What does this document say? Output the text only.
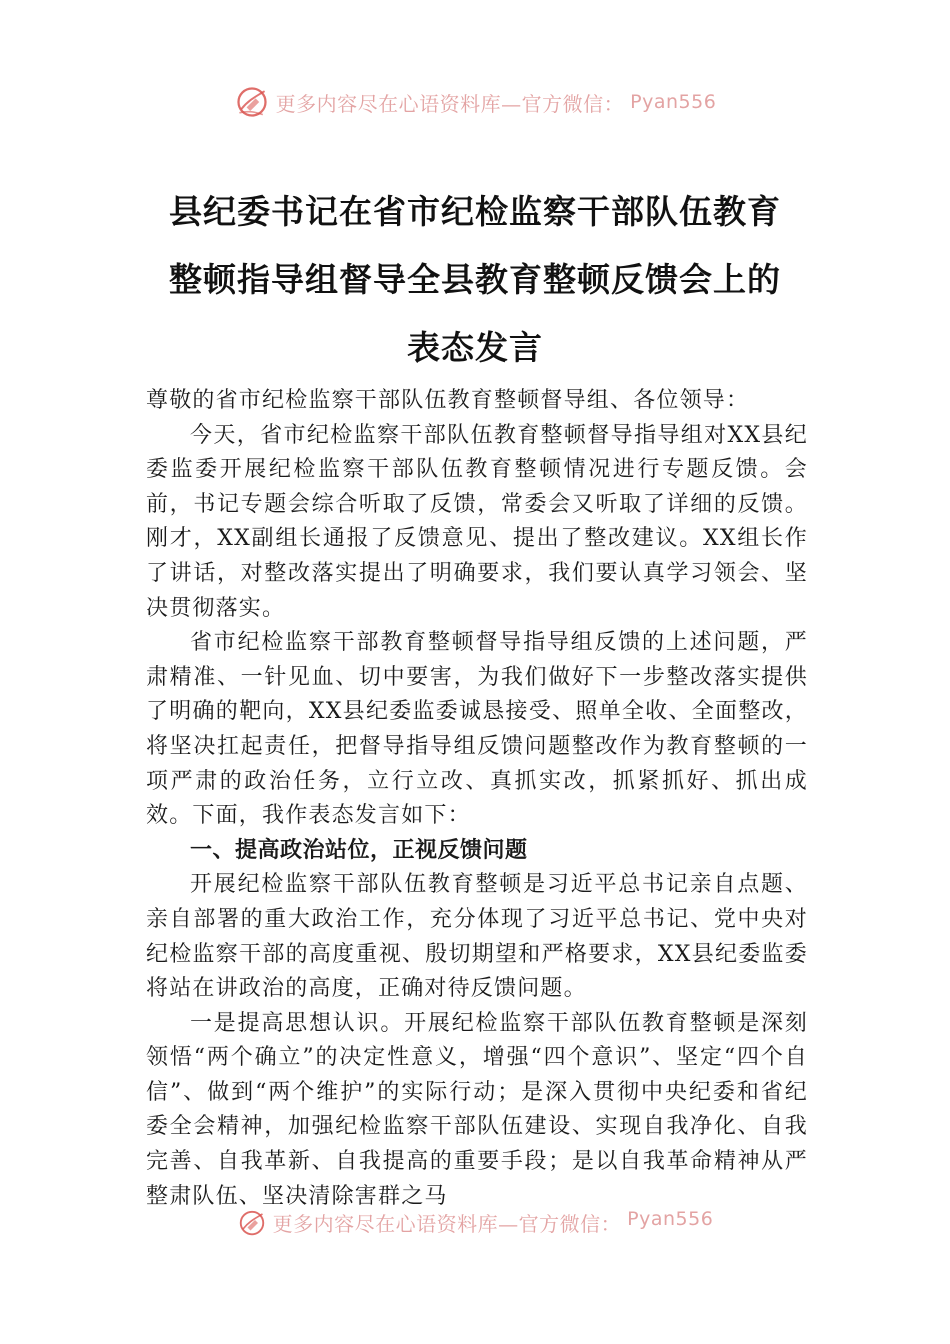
更多内容尽在心语资料库—官方微信： Pyan556
县纪委书记在省市纪检监察干部队伍教育
整顿指导组督导全县教育整顿反馈会上的
表态发言

尊敬的省市纪检监察干部队伍教育整顿督导组、各位领导：

今天，省市纪检监察干部队伍教育整顿督导指导组对XX县纪委监委开展纪检监察干部队伍教育整顿情况进行专题反馈。会前，书记专题会综合听取了反馈，常委会又听取了详细的反馈。刚才，XX副组长通报了反馈意见、提出了整改建议。XX组长作了讲话，对整改落实提出了明确要求，我们要认真学习领会、坚决贯彻落实。

省市纪检监察干部教育整顿督导指导组反馈的上述问题，严肃精准、一针见血、切中要害，为我们做好下一步整改落实提供了明确的靶向，XX县纪委监委诚恳接受、照单全收、全面整改，将坚决扛起责任，把督导指导组反馈问题整改作为教育整顿的一项严肃的政治任务，立行立改、真抓实改，抓紧抓好、抓出成效。下面，我作表态发言如下：

一、提高政治站位，正视反馈问题

开展纪检监察干部队伍教育整顿是习近平总书记亲自点题、亲自部署的重大政治工作，充分体现了习近平总书记、党中央对纪检监察干部的高度重视、殷切期望和严格要求，XX县纪委监委将站在讲政治的高度，正确对待反馈问题。

一是提高思想认识。开展纪检监察干部队伍教育整顿是深刻领悟“两个确立”的决定性意义，增强“四个意识”、坚定“四个自信”、做到“两个维护”的实际行动；是深入贯彻中央纪委和省纪委全会精神，加强纪检监察干部队伍建设、实现自我净化、自我完善、自我革新、自我提高的重要手段；是以自我革命精神从严整肃队伍、坚决清除害群之马

更多内容尽在心语资料库—官方微信： Pyan556
